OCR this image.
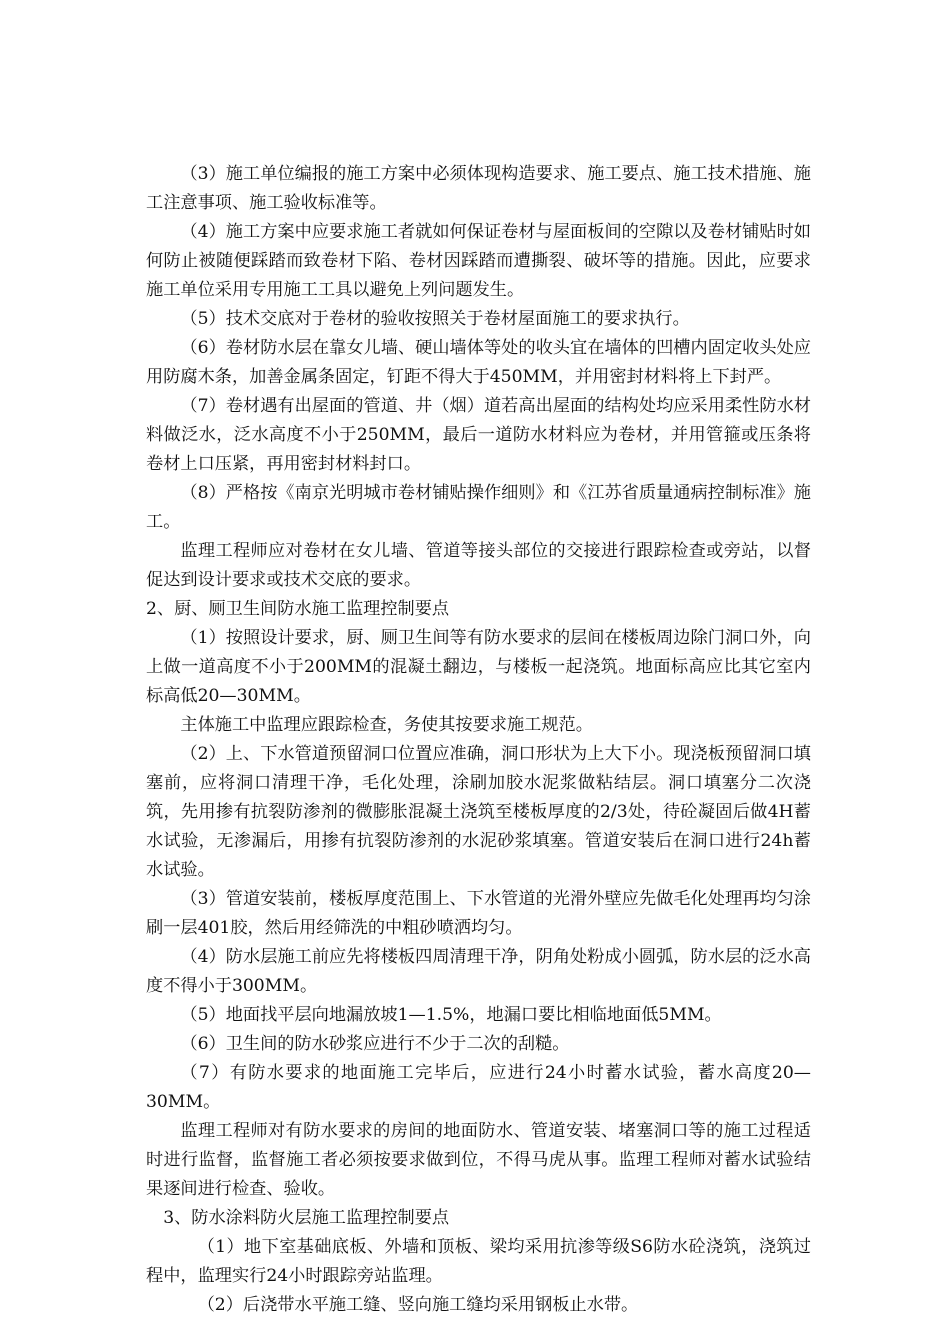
（3）施工单位编报的施工方案中必须体现构造要求、施工要点、施工技术措施、施工注意事项、施工验收标准等。

（4）施工方案中应要求施工者就如何保证卷材与屋面板间的空隙以及卷材铺贴时如何防止被随便踩踏而致卷材下陷、卷材因踩踏而遭撕裂、破坏等的措施。因此，应要求施工单位采用专用施工工具以避免上列问题发生。

（5）技术交底对于卷材的验收按照关于卷材屋面施工的要求执行。

（6）卷材防水层在靠女儿墙、硬山墙体等处的收头宜在墙体的凹槽内固定收头处应用防腐木条，加善金属条固定，钉距不得大于450MM，并用密封材料将上下封严。

（7）卷材遇有出屋面的管道、井（烟）道若高出屋面的结构处均应采用柔性防水材料做泛水，泛水高度不小于250MM，最后一道防水材料应为卷材，并用管箍或压条将卷材上口压紧，再用密封材料封口。

（8）严格按《南京光明城市卷材铺贴操作细则》和《江苏省质量通病控制标准》施工。

监理工程师应对卷材在女儿墙、管道等接头部位的交接进行跟踪检查或旁站，以督促达到设计要求或技术交底的要求。

2、厨、厕卫生间防水施工监理控制要点

（1）按照设计要求，厨、厕卫生间等有防水要求的层间在楼板周边除门洞口外，向上做一道高度不小于200MM的混凝土翻边，与楼板一起浇筑。地面标高应比其它室内标高低20—30MM。

主体施工中监理应跟踪检查，务使其按要求施工规范。

（2）上、下水管道预留洞口位置应准确，洞口形状为上大下小。现浇板预留洞口填塞前，应将洞口清理干净，毛化处理，涂刷加胶水泥浆做粘结层。洞口填塞分二次浇筑，先用掺有抗裂防渗剂的微膨胀混凝土浇筑至楼板厚度的2/3处，待砼凝固后做4H蓄水试验，无渗漏后，用掺有抗裂防渗剂的水泥砂浆填塞。管道安装后在洞口进行24h蓄水试验。

（3）管道安装前，楼板厚度范围上、下水管道的光滑外壁应先做毛化处理再均匀涂刷一层401胶，然后用经筛洗的中粗砂喷洒均匀。

（4）防水层施工前应先将楼板四周清理干净，阴角处粉成小圆弧，防水层的泛水高度不得小于300MM。

（5）地面找平层向地漏放坡1—1.5%，地漏口要比相临地面低5MM。

（6）卫生间的防水砂浆应进行不少于二次的刮糙。

（7）有防水要求的地面施工完毕后，应进行24小时蓄水试验，蓄水高度20—30MM。

监理工程师对有防水要求的房间的地面防水、管道安装、堵塞洞口等的施工过程适时进行监督，监督施工者必须按要求做到位，不得马虎从事。监理工程师对蓄水试验结果逐间进行检查、验收。

3、防水涂料防火层施工监理控制要点

（1）地下室基础底板、外墙和顶板、梁均采用抗渗等级S6防水砼浇筑，浇筑过程中，监理实行24小时跟踪旁站监理。

（2）后浇带水平施工缝、竖向施工缝均采用钢板止水带。
